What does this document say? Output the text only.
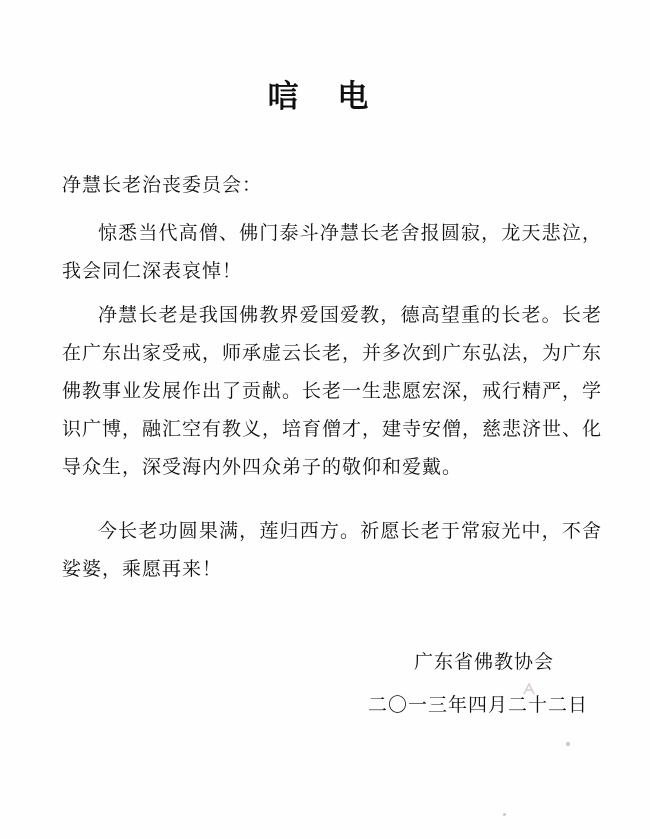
唁 电
净慧长老治丧委员会：

惊悉当代高僧、佛门泰斗净慧长老舍报圆寂，龙天悲泣，我会同仁深表哀悼！

净慧长老是我国佛教界爱国爱教，德高望重的长老。长老在广东出家受戒，师承虚云长老，并多次到广东弘法，为广东佛教事业发展作出了贡献。长老一生悲愿宏深，戒行精严，学识广博，融汇空有教义，培育僧才，建寺安僧，慈悲济世、化导众生，深受海内外四众弟子的敬仰和爱戴。

今长老功圆果满，莲归西方。祈愿长老于常寂光中，不舍娑婆，乘愿再来！

广东省佛教协会
二〇一三年四月二十二日
